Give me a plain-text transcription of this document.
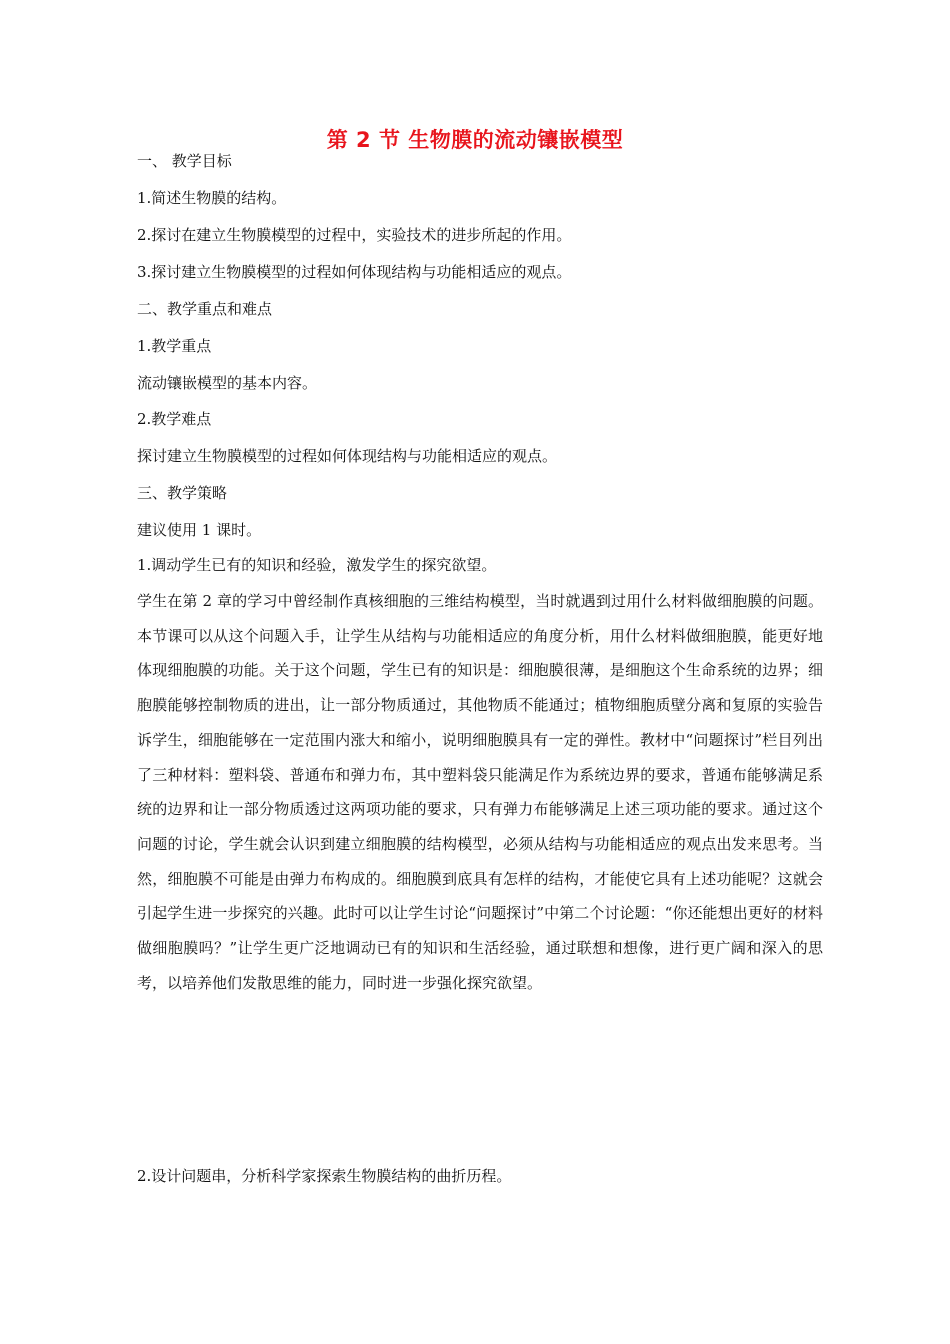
第 2 节 生物膜的流动镶嵌模型
一、 教学目标
1.简述生物膜的结构。
2.探讨在建立生物膜模型的过程中，实验技术的进步所起的作用。
3.探讨建立生物膜模型的过程如何体现结构与功能相适应的观点。
二、教学重点和难点
1.教学重点
流动镶嵌模型的基本内容。
2.教学难点
探讨建立生物膜模型的过程如何体现结构与功能相适应的观点。
三、教学策略
建议使用 1 课时。
1.调动学生已有的知识和经验，激发学生的探究欲望。
学生在第 2 章的学习中曾经制作真核细胞的三维结构模型，当时就遇到过用什么材料做细胞膜的问题。本节课可以从这个问题入手，让学生从结构与功能相适应的角度分析，用什么材料做细胞膜，能更好地体现细胞膜的功能。关于这个问题，学生已有的知识是：细胞膜很薄，是细胞这个生命系统的边界；细胞膜能够控制物质的进出，让一部分物质通过，其他物质不能通过；植物细胞质壁分离和复原的实验告诉学生，细胞能够在一定范围内涨大和缩小，说明细胞膜具有一定的弹性。教材中“问题探讨”栏目列出了三种材料：塑料袋、普通布和弹力布，其中塑料袋只能满足作为系统边界的要求，普通布能够满足系统的边界和让一部分物质透过这两项功能的要求，只有弹力布能够满足上述三项功能的要求。通过这个问题的讨论，学生就会认识到建立细胞膜的结构模型，必须从结构与功能相适应的观点出发来思考。当然，细胞膜不可能是由弹力布构成的。细胞膜到底具有怎样的结构，才能使它具有上述功能呢？这就会引起学生进一步探究的兴趣。此时可以让学生讨论“问题探讨”中第二个讨论题：“你还能想出更好的材料做细胞膜吗？”让学生更广泛地调动已有的知识和生活经验，通过联想和想像，进行更广阔和深入的思考，以培养他们发散思维的能力，同时进一步强化探究欲望。
2.设计问题串，分析科学家探索生物膜结构的曲折历程。
